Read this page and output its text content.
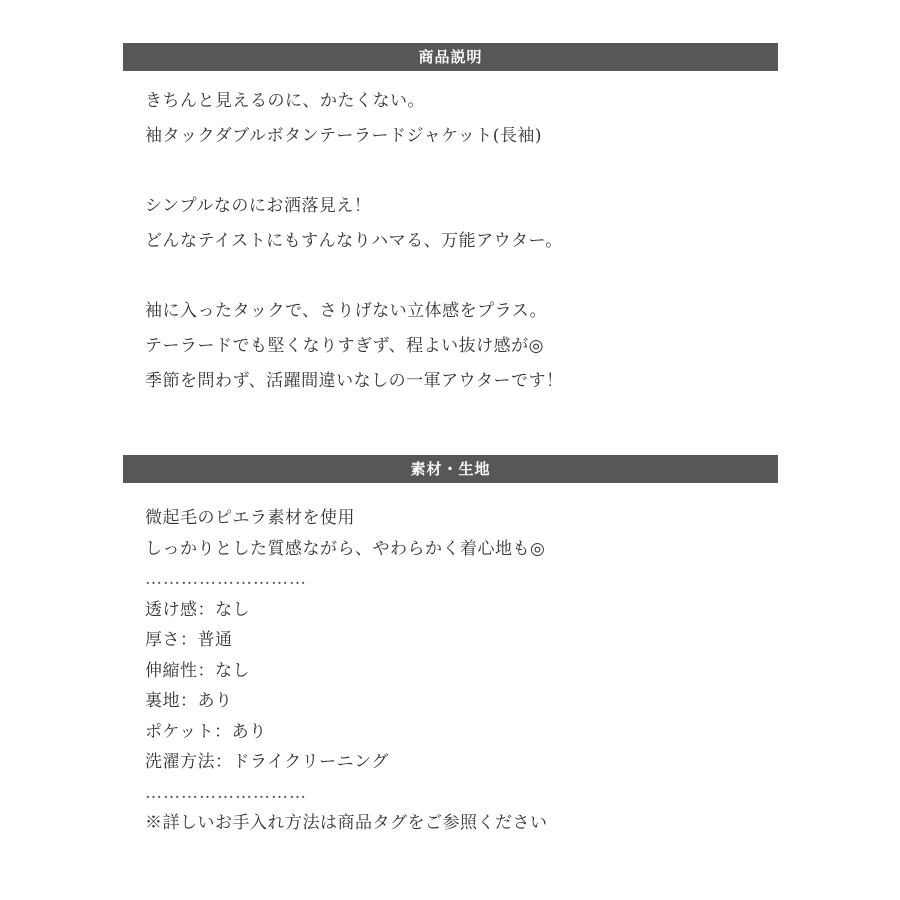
商品説明

きちんと見えるのに、かたくない。

袖タックダブルボタンテーラードジャケット(長袖)

シンプルなのにお洒落見え！

どんなテイストにもすんなりハマる、万能アウター。

袖に入ったタックで、さりげない立体感をプラス。

テーラードでも堅くなりすぎず、程よい抜け感が◎

季節を問わず、活躍間違いなしの一軍アウターです！

素材・生地

微起毛のピエラ素材を使用

しっかりとした質感ながら、やわらかく着心地も◎

………………………

透け感：なし

厚さ：普通

伸縮性：なし

裏地：あり

ポケット：あり

洗濯方法：ドライクリーニング

………………………

※詳しいお手入れ方法は商品タグをご参照ください
